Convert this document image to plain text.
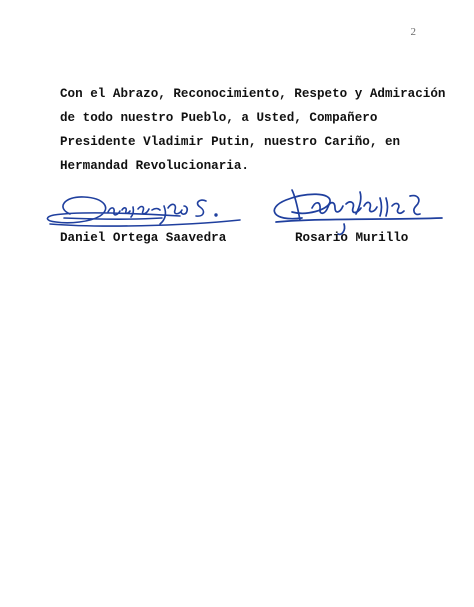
2

Con el Abrazo, Reconocimiento, Respeto y Admiración
de todo nuestro Pueblo, a Usted, Compañero
Presidente Vladimir Putin, nuestro Cariño, en
Hermandad Revolucionaria.

Daniel Ortega Saavedra	Rosario Murillo
